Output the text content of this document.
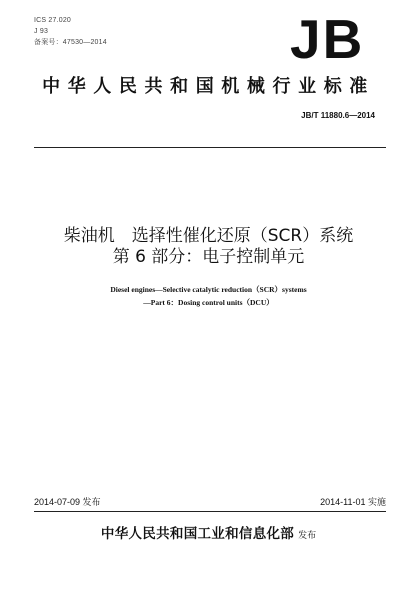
ICS 27.020
J 93
备案号：47530—2014	JB
中华人民共和国机械行业标准
JB/T 11880.6—2014
柴油机　选择性催化还原（SCR）系统
第 6 部分：电子控制单元
Diesel engines—Selective catalytic reduction（SCR）systems
—Part 6：Dosing control units（DCU）
2014-07-09 发布	2014-11-01 实施
中华人民共和国工业和信息化部 发布
